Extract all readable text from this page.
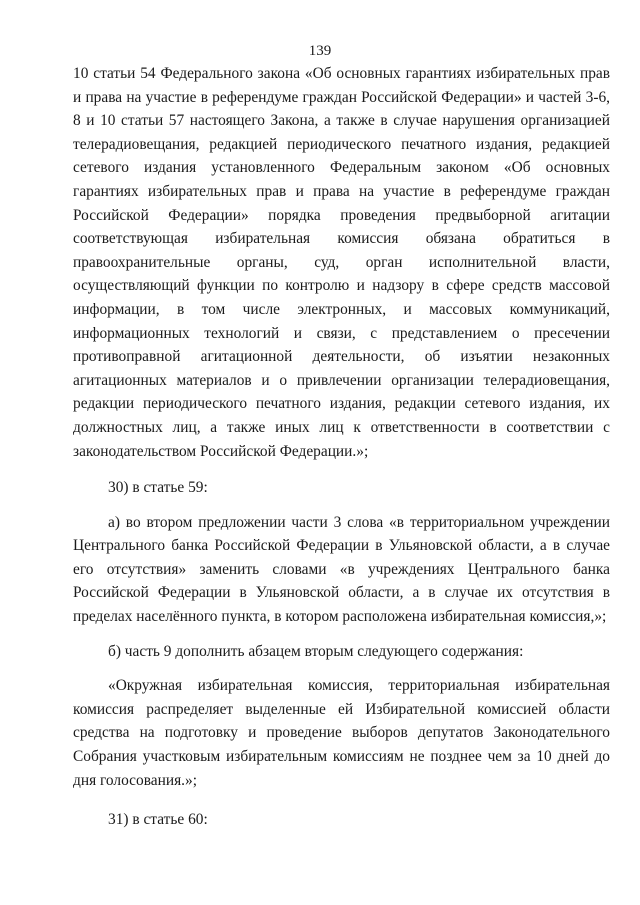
139

10 статьи 54 Федерального закона «Об основных гарантиях избирательных прав и права на участие в референдуме граждан Российской Федерации» и частей 3-6, 8 и 10 статьи 57 настоящего Закона, а также в случае нарушения организацией телерадиовещания, редакцией периодического печатного издания, редакцией сетевого издания установленного Федеральным законом «Об основных гарантиях избирательных прав и права на участие в референдуме граждан Российской Федерации» порядка проведения предвыборной агитации соответствующая избирательная комиссия обязана обратиться в правоохранительные органы, суд, орган исполнительной власти, осуществляющий функции по контролю и надзору в сфере средств массовой информации, в том числе электронных, и массовых коммуникаций, информационных технологий и связи, с представлением о пресечении противоправной агитационной деятельности, об изъятии незаконных агитационных материалов и о привлечении организации телерадиовещания, редакции периодического печатного издания, редакции сетевого издания, их должностных лиц, а также иных лиц к ответственности в соответствии с законодательством Российской Федерации.»;

30) в статье 59:

а) во втором предложении части 3 слова «в территориальном учреждении Центрального банка Российской Федерации в Ульяновской области, а в случае его отсутствия» заменить словами «в учреждениях Центрального банка Российской Федерации в Ульяновской области, а в случае их отсутствия в пределах населённого пункта, в котором расположена избирательная комиссия,»;

б) часть 9 дополнить абзацем вторым следующего содержания:

«Окружная избирательная комиссия, территориальная избирательная комиссия распределяет выделенные ей Избирательной комиссией области средства на подготовку и проведение выборов депутатов Законодательного Собрания участковым избирательным комиссиям не позднее чем за 10 дней до дня голосования.»;

31) в статье 60:
